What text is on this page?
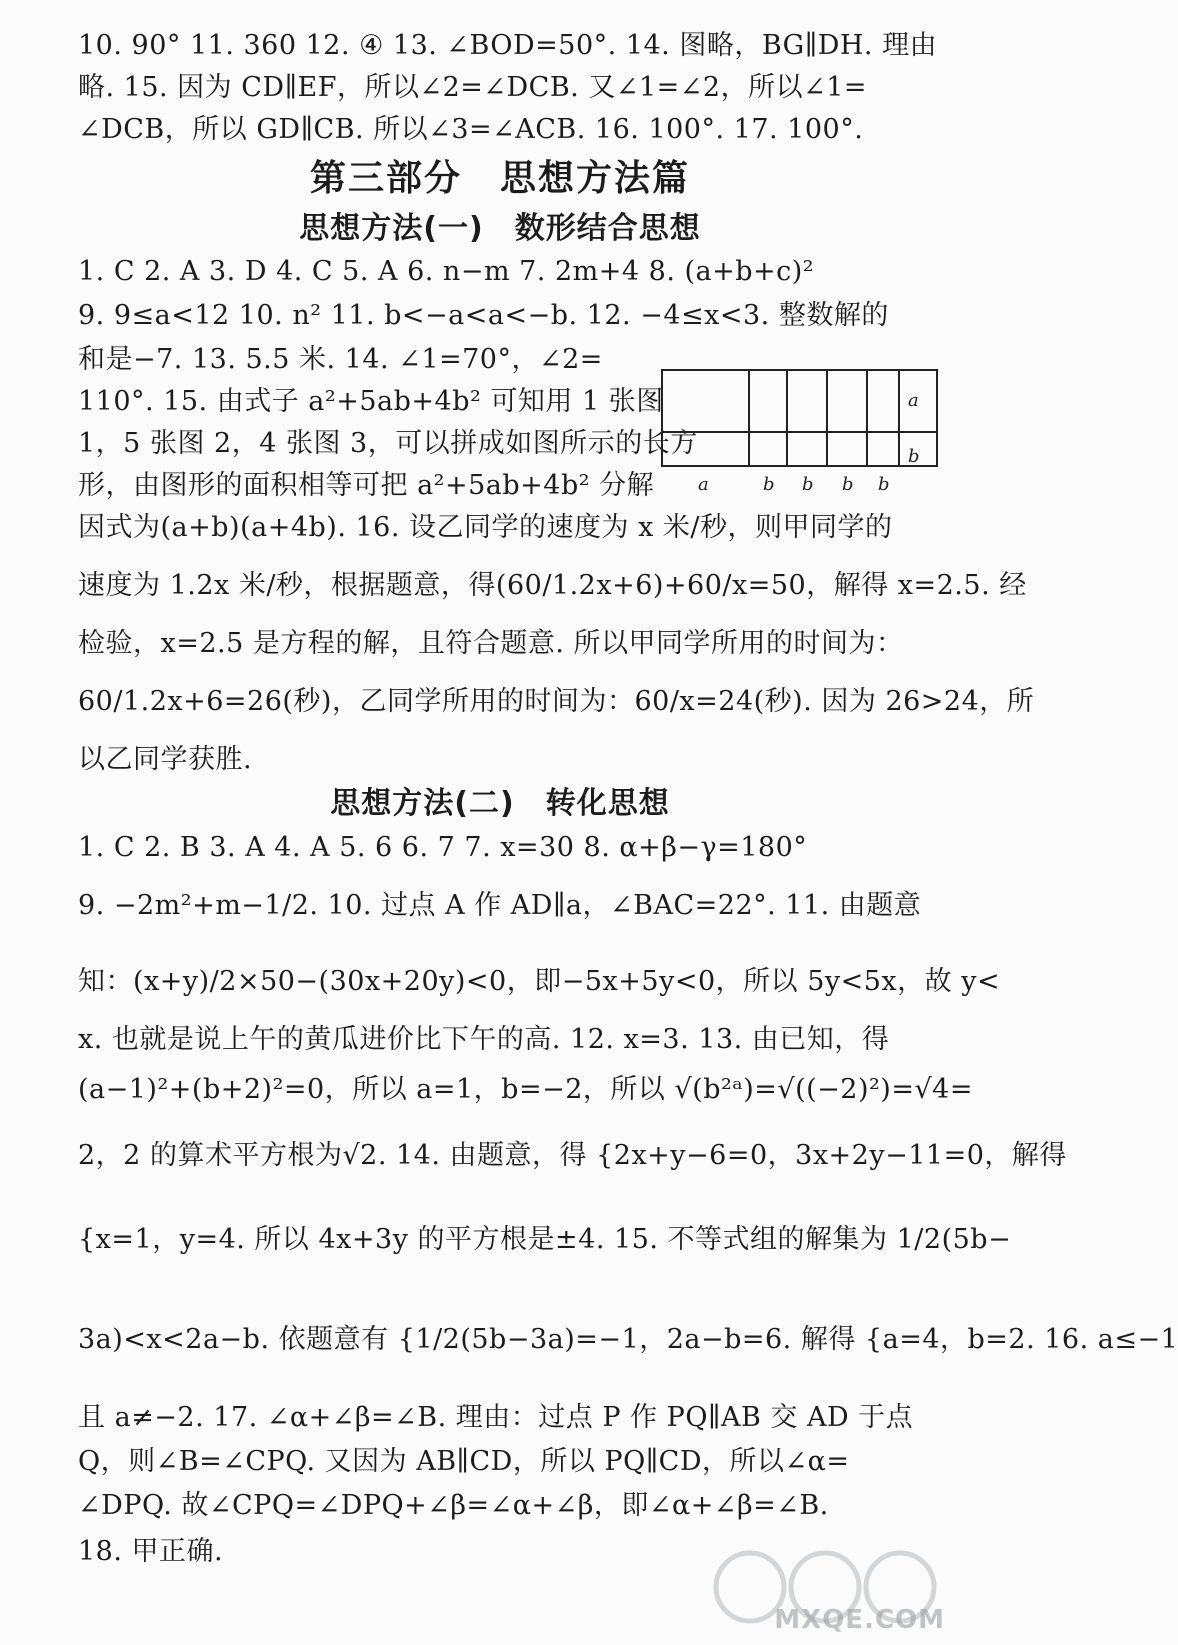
10. 90° 11. 360 12. ④ 13. ∠BOD=50°. 14. 图略，BG∥DH. 理由
略. 15. 因为 CD∥EF，所以∠2=∠DCB. 又∠1=∠2，所以∠1=
∠DCB，所以 GD∥CB. 所以∠3=∠ACB. 16. 100°. 17. 100°.
第三部分　思想方法篇
思想方法(一)　数形结合思想
1. C 2. A 3. D 4. C 5. A 6. n−m 7. 2m+4 8. (a+b+c)²
9. 9≤a<12 10. n² 11. b<−a<a<−b. 12. −4≤x<3. 整数解的
和是−7. 13. 5.5 米. 14. ∠1=70°，∠2=
110°. 15. 由式子 a²+5ab+4b² 可知用 1 张图
1，5 张图 2，4 张图 3，可以拼成如图所示的长方
形，由图形的面积相等可把 a²+5ab+4b² 分解
因式为(a+b)(a+4b). 16. 设乙同学的速度为 x 米/秒，则甲同学的
速度为 1.2x 米/秒，根据题意，得(60/1.2x+6)+60/x=50，解得 x=2.5. 经
检验，x=2.5 是方程的解，且符合题意. 所以甲同学所用的时间为：
60/1.2x+6=26(秒)，乙同学所用的时间为：60/x=24(秒). 因为 26>24，所
以乙同学获胜.
a
b
a	b b b b
思想方法(二)　转化思想
1. C 2. B 3. A 4. A 5. 6 6. 7 7. x=30 8. α+β−γ=180°
9. −2m²+m−1/2. 10. 过点 A 作 AD∥a，∠BAC=22°. 11. 由题意
知：(x+y)/2×50−(30x+20y)<0，即−5x+5y<0，所以 5y<5x，故 y<
x. 也就是说上午的黄瓜进价比下午的高. 12. x=3. 13. 由已知，得
(a−1)²+(b+2)²=0，所以 a=1，b=−2，所以 √(b²ᵃ)=√((−2)²)=√4=
2，2 的算术平方根为√2. 14. 由题意，得 {2x+y−6=0，3x+2y−11=0，解得
{x=1，y=4. 所以 4x+3y 的平方根是±4. 15. 不等式组的解集为 1/2(5b−
3a)<x<2a−b. 依题意有 {1/2(5b−3a)=−1，2a−b=6. 解得 {a=4，b=2. 16. a≤−1
且 a≠−2. 17. ∠α+∠β=∠B. 理由：过点 P 作 PQ∥AB 交 AD 于点
Q，则∠B=∠CPQ. 又因为 AB∥CD，所以 PQ∥CD，所以∠α=
∠DPQ. 故∠CPQ=∠DPQ+∠β=∠α+∠β，即∠α+∠β=∠B.
18. 甲正确.
MXQE.COM
